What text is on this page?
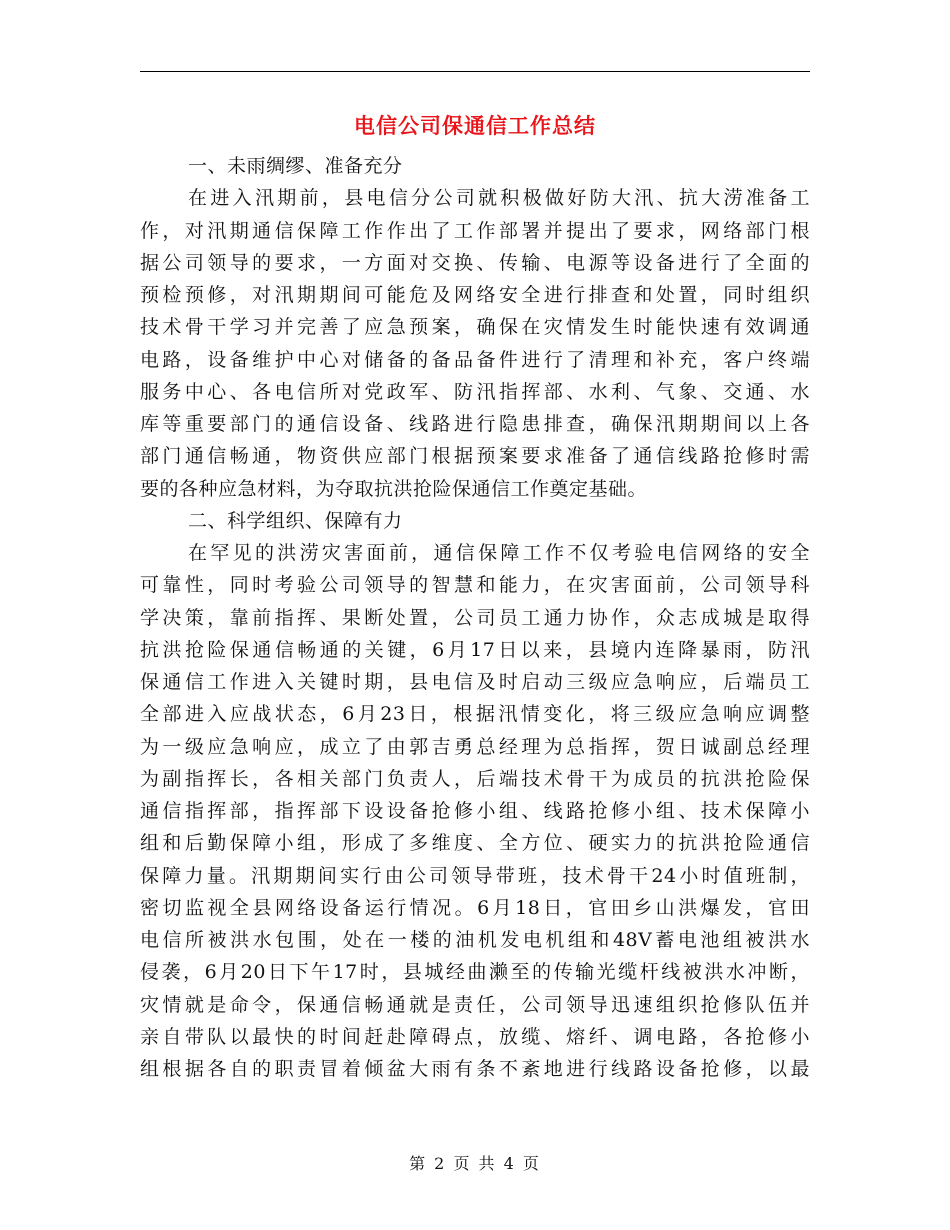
电信公司保通信工作总结
一、未雨绸缪、准备充分
在进入汛期前，县电信分公司就积极做好防大汛、抗大涝准备工
作，对汛期通信保障工作作出了工作部署并提出了要求，网络部门根
据公司领导的要求，一方面对交换、传输、电源等设备进行了全面的
预检预修，对汛期期间可能危及网络安全进行排查和处置，同时组织
技术骨干学习并完善了应急预案，确保在灾情发生时能快速有效调通
电路，设备维护中心对储备的备品备件进行了清理和补充，客户终端
服务中心、各电信所对党政军、防汛指挥部、水利、气象、交通、水
库等重要部门的通信设备、线路进行隐患排查，确保汛期期间以上各
部门通信畅通，物资供应部门根据预案要求准备了通信线路抢修时需
要的各种应急材料，为夺取抗洪抢险保通信工作奠定基础。
二、科学组织、保障有力
在罕见的洪涝灾害面前，通信保障工作不仅考验电信网络的安全
可靠性，同时考验公司领导的智慧和能力，在灾害面前，公司领导科
学决策，靠前指挥、果断处置，公司员工通力协作，众志成城是取得
抗洪抢险保通信畅通的关键，6月17日以来，县境内连降暴雨，防汛
保通信工作进入关键时期，县电信及时启动三级应急响应，后端员工
全部进入应战状态，6月23日，根据汛情变化，将三级应急响应调整
为一级应急响应，成立了由郭吉勇总经理为总指挥，贺日诚副总经理
为副指挥长，各相关部门负责人，后端技术骨干为成员的抗洪抢险保
通信指挥部，指挥部下设设备抢修小组、线路抢修小组、技术保障小
组和后勤保障小组，形成了多维度、全方位、硬实力的抗洪抢险通信
保障力量。汛期期间实行由公司领导带班，技术骨干24小时值班制，
密切监视全县网络设备运行情况。6月18日，官田乡山洪爆发，官田
电信所被洪水包围，处在一楼的油机发电机组和48V蓄电池组被洪水
侵袭，6月20日下午17时，县城经曲濑至的传输光缆杆线被洪水冲断，
灾情就是命令，保通信畅通就是责任，公司领导迅速组织抢修队伍并
亲自带队以最快的时间赶赴障碍点，放缆、熔纤、调电路，各抢修小
组根据各自的职责冒着倾盆大雨有条不紊地进行线路设备抢修，以最
第 2 页 共 4 页
